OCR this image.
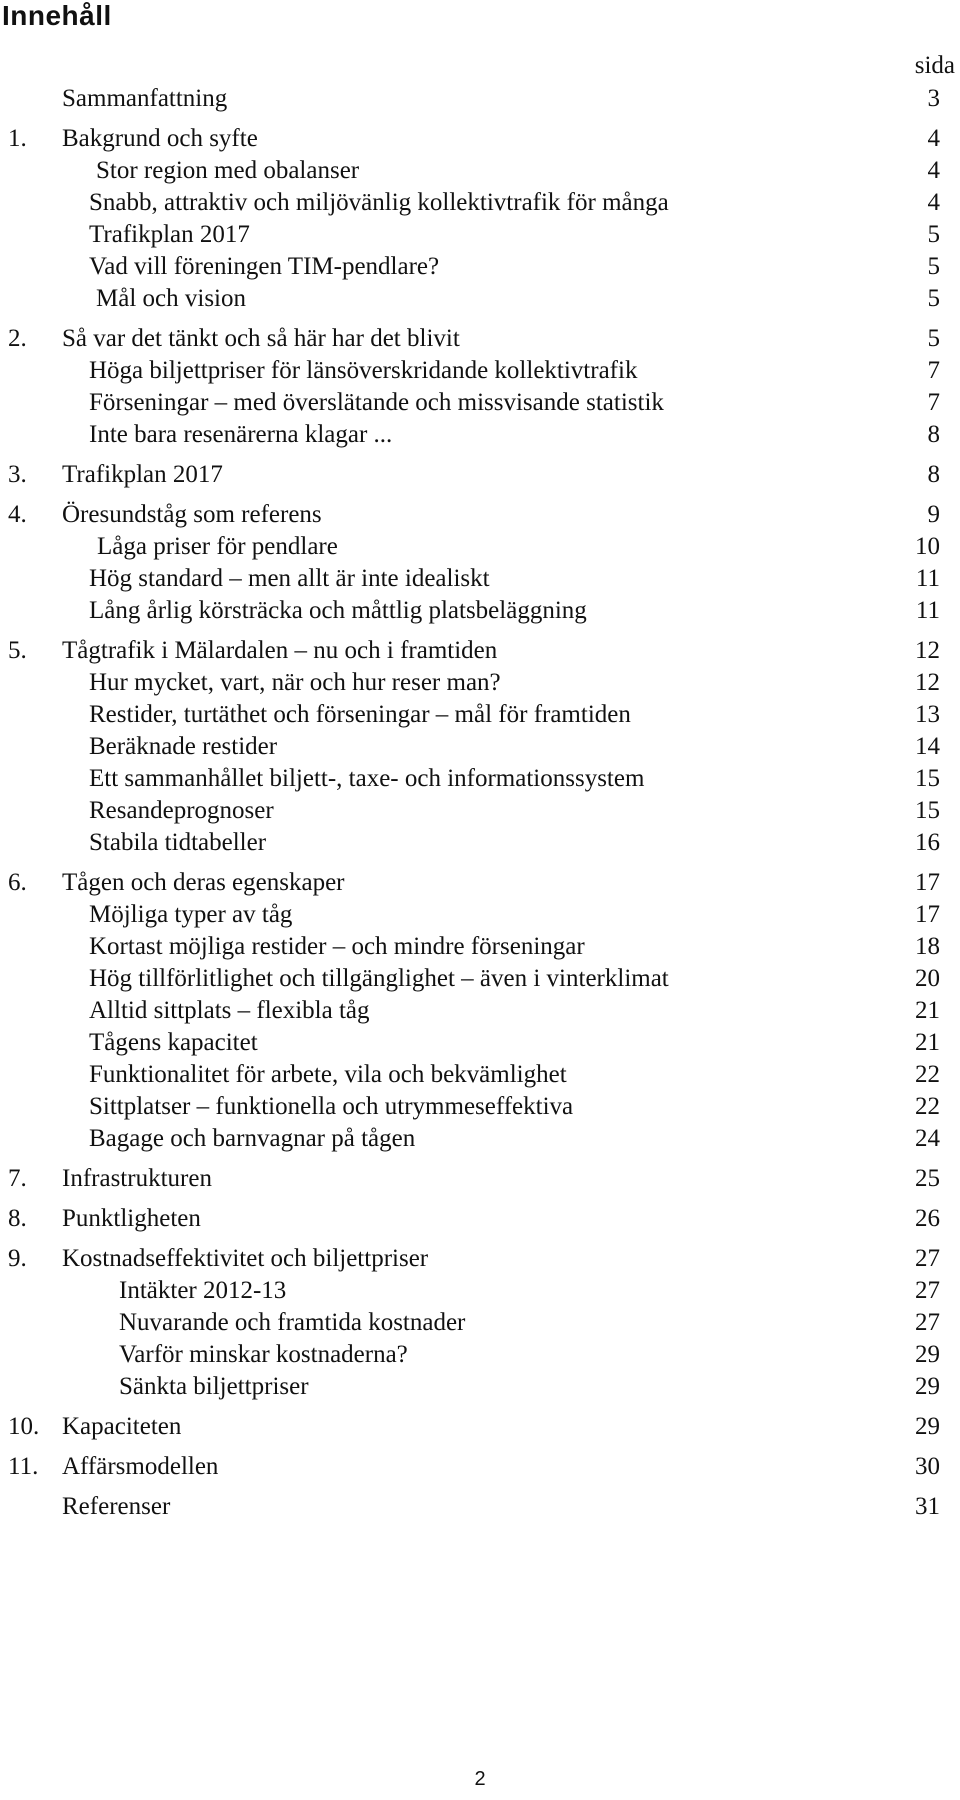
Innehåll
sida
Sammanfattning	3
1. Bakgrund och syfte	4
Stor region med obalanser	4
Snabb, attraktiv och miljövänlig kollektivtrafik för många	4
Trafikplan 2017	5
Vad vill föreningen TIM-pendlare?	5
Mål och vision	5
2. Så var det tänkt och så här har det blivit	5
Höga biljettpriser för länsöverskridande kollektivtrafik	7
Förseningar – med överslätande och missvisande statistik	7
Inte bara resenärerna klagar ...	8
3. Trafikplan 2017	8
4. Öresundståg som referens	9
Låga priser för pendlare	10
Hög standard – men allt är inte idealiskt	11
Lång årlig körsträcka och måttlig platsbeläggning	11
5. Tågtrafik i Mälardalen – nu och i framtiden	12
Hur mycket, vart, när och hur reser man?	12
Restider, turtäthet och förseningar – mål för framtiden	13
Beräknade restider	14
Ett sammanhållet biljett-, taxe- och informationssystem	15
Resandeprognoser	15
Stabila tidtabeller	16
6. Tågen och deras egenskaper	17
Möjliga typer av tåg	17
Kortast möjliga restider – och mindre förseningar	18
Hög tillförlitlighet och tillgänglighet – även i vinterklimat	20
Alltid sittplats – flexibla tåg	21
Tågens kapacitet	21
Funktionalitet för arbete, vila och bekvämlighet	22
Sittplatser – funktionella och utrymmeseffektiva	22
Bagage och barnvagnar på tågen	24
7. Infrastrukturen	25
8. Punktligheten	26
9. Kostnadseffektivitet och biljettpriser	27
Intäkter 2012-13	27
Nuvarande och framtida kostnader	27
Varför minskar kostnaderna?	29
Sänkta biljettpriser	29
10. Kapaciteten	29
11. Affärsmodellen	30
Referenser	31
2
